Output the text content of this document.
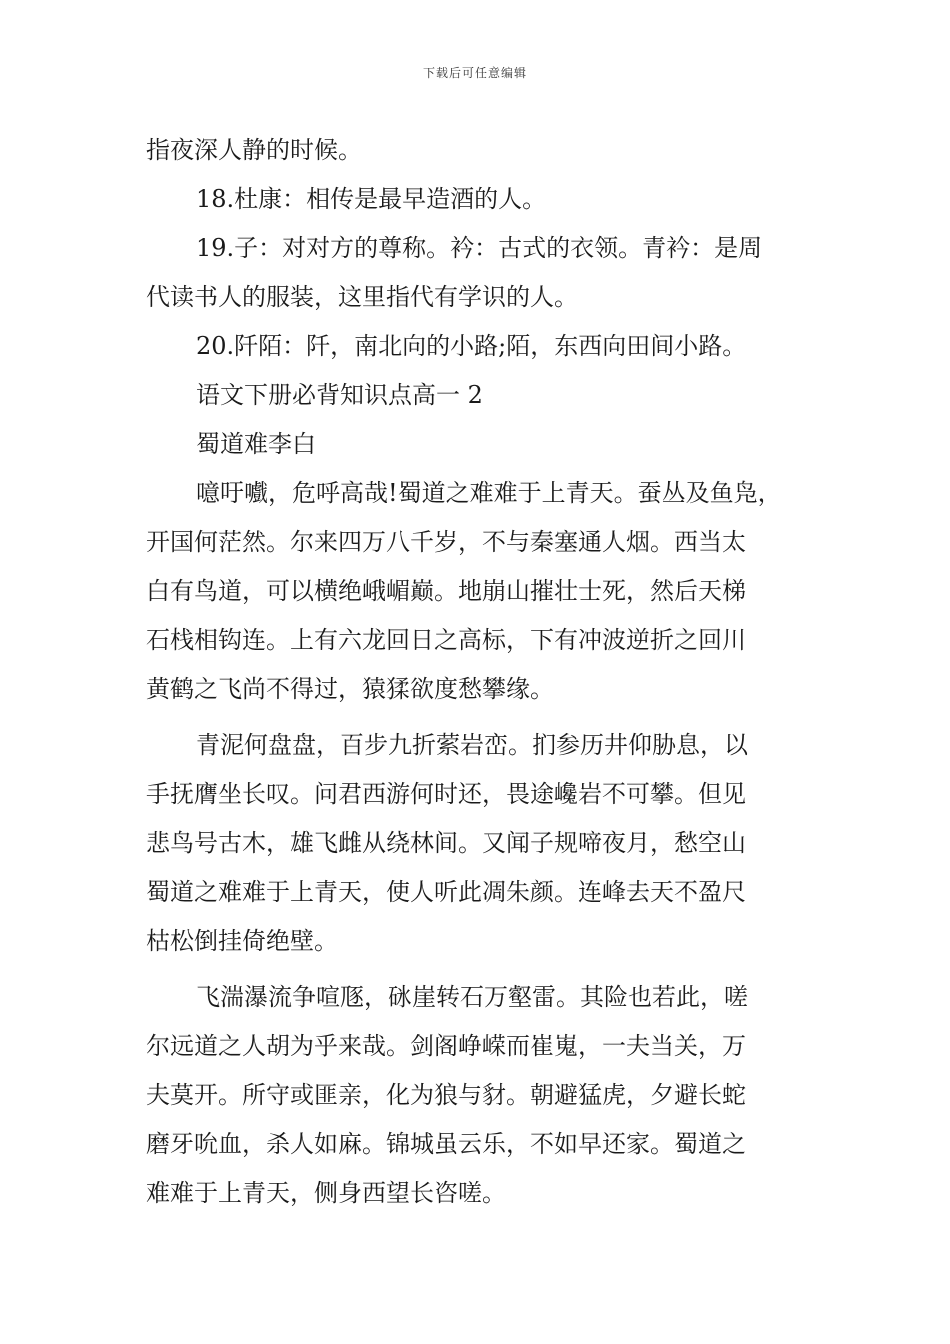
下载后可任意编辑
指夜深人静的时候。
18.杜康：相传是最早造酒的人。
19.子：对对方的尊称。衿：古式的衣领。青衿：是周
代读书人的服装，这里指代有学识的人。
20.阡陌：阡，南北向的小路;陌，东西向田间小路。
语文下册必背知识点高一 2
蜀道难李白
噫吁嚱，危呼高哉!蜀道之难难于上青天。蚕丛及鱼凫，
开国何茫然。尔来四万八千岁，不与秦塞通人烟。西当太
白有鸟道，可以横绝峨嵋巅。地崩山摧壮士死，然后天梯
石栈相钩连。上有六龙回日之高标，下有冲波逆折之回川
黄鹤之飞尚不得过，猿猱欲度愁攀缘。
青泥何盘盘，百步九折萦岩峦。扪参历井仰胁息，以
手抚膺坐长叹。问君西游何时还，畏途巉岩不可攀。但见
悲鸟号古木，雄飞雌从绕林间。又闻子规啼夜月，愁空山
蜀道之难难于上青天，使人听此凋朱颜。连峰去天不盈尺
枯松倒挂倚绝壁。
飞湍瀑流争喧豗，砯崖转石万壑雷。其险也若此，嗟
尔远道之人胡为乎来哉。剑阁峥嵘而崔嵬，一夫当关，万
夫莫开。所守或匪亲，化为狼与豺。朝避猛虎，夕避长蛇
磨牙吮血，杀人如麻。锦城虽云乐，不如早还家。蜀道之
难难于上青天，侧身西望长咨嗟。
